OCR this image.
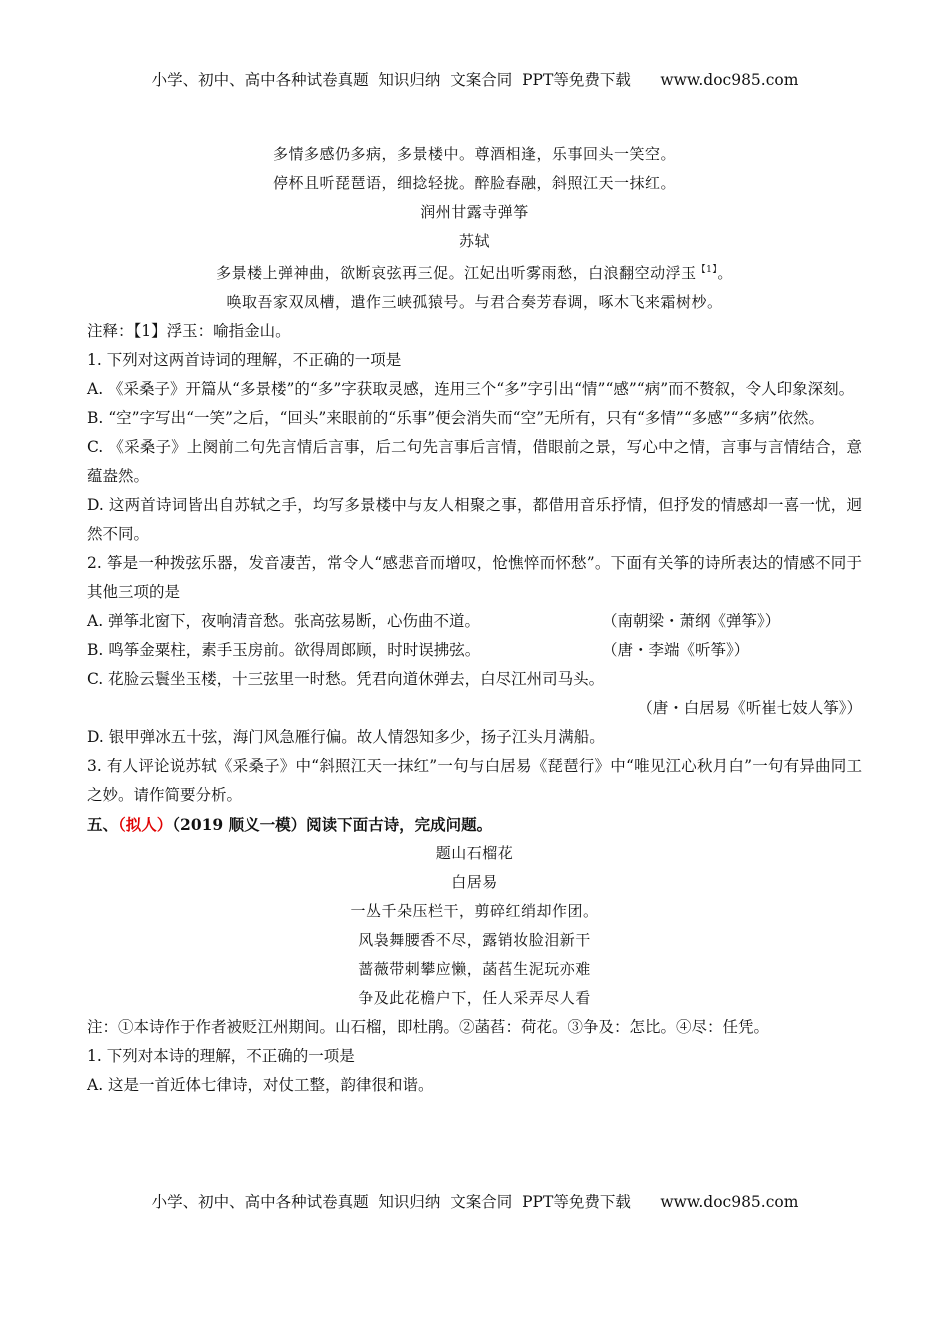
小学、初中、高中各种试卷真题  知识归纳  文案合同  PPT等免费下载      www.doc985.com
多情多感仍多病，多景楼中。尊酒相逢，乐事回头一笑空。
停杯且听琵琶语，细捻轻拢。醉脸春融，斜照江天一抹红。
润州甘露寺弹筝
苏轼
多景楼上弹神曲，欲断哀弦再三促。江妃出听雾雨愁，白浪翻空动浮玉$^{【1】}$。
唤取吾家双凤槽，遣作三峡孤猿号。与君合奏芳春调，啄木飞来霜树杪。
注释：【1】浮玉：喻指金山。
1. 下列对这两首诗词的理解，不正确的一项是
A. 《采桑子》开篇从“多景楼”的“多”字获取灵感，连用三个“多”字引出“情”“感”“病”而不赘叙，令人印象深刻。
B. “空”字写出“一笑”之后，“回头”来眼前的“乐事”便会消失而“空”无所有，只有“多情”“多感”“多病”依然。
C. 《采桑子》上阕前二句先言情后言事，后二句先言事后言情，借眼前之景，写心中之情，言事与言情结合，意蕴盎然。
D. 这两首诗词皆出自苏轼之手，均写多景楼中与友人相聚之事，都借用音乐抒情，但抒发的情感却一喜一忧，迥然不同。
2. 筝是一种拨弦乐器，发音凄苦，常令人“感悲音而增叹，怆憔悴而怀愁”。下面有关筝的诗所表达的情感不同于其他三项的是
A. 弹筝北窗下，夜响清音愁。张高弦易断，心伤曲不道。	（南朝梁・萧纲《弹筝》）
B. 鸣筝金粟柱，素手玉房前。欲得周郎顾，时时误拂弦。	（唐・李端《听筝》）
C. 花脸云鬟坐玉楼，十三弦里一时愁。凭君向道休弹去，白尽江州司马头。
（唐・白居易《听崔七妓人筝》）
D. 银甲弹冰五十弦，海门风急雁行偏。故人情怨知多少，扬子江头月满船。
3. 有人评论说苏轼《采桑子》中“斜照江天一抹红”一句与白居易《琵琶行》中“唯见江心秋月白”一句有异曲同工之妙。请作简要分析。
五、（拟人）（2019 顺义一模）阅读下面古诗，完成问题。
题山石榴花
白居易
一丛千朵压栏干，剪碎红绡却作团。
风袅舞腰香不尽，露销妆脸泪新干
蔷薇带刺攀应懒，菡萏生泥玩亦难
争及此花檐户下，任人采弄尽人看
注：①本诗作于作者被贬江州期间。山石榴，即杜鹃。②菡萏：荷花。③争及：怎比。④尽：任凭。
1. 下列对本诗的理解，不正确的一项是
A. 这是一首近体七律诗，对仗工整，韵律很和谐。
小学、初中、高中各种试卷真题  知识归纳  文案合同  PPT等免费下载      www.doc985.com
